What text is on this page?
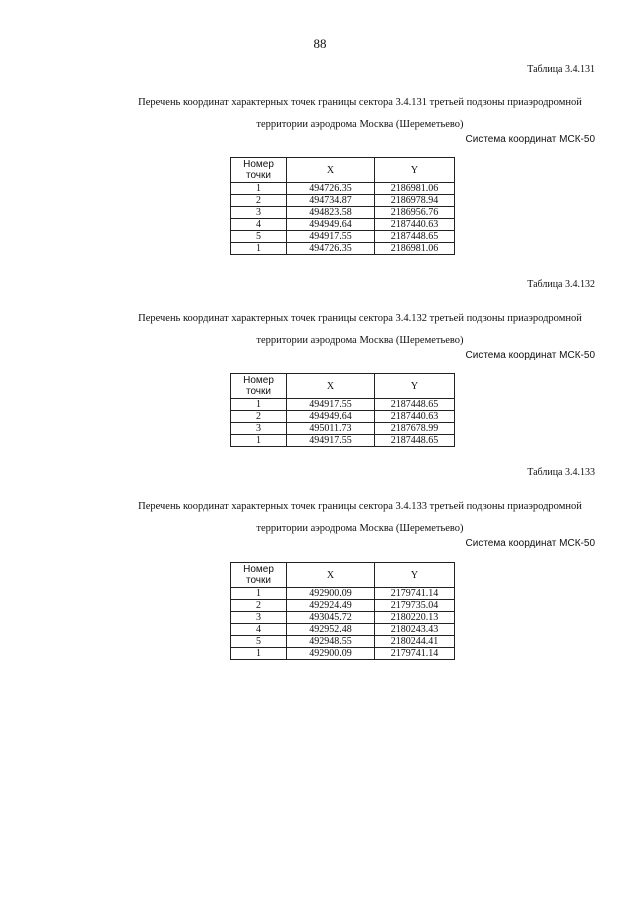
88
Таблица 3.4.131
Перечень координат характерных точек границы сектора 3.4.131 третьей подзоны приаэродромной
территории аэродрома Москва (Шереметьево)
Система координат МСК-50
Номер точки	X	Y
1	494726.35	2186981.06
2	494734.87	2186978.94
3	494823.58	2186956.76
4	494949.64	2187440.63
5	494917.55	2187448.65
1	494726.35	2186981.06
Таблица 3.4.132
Перечень координат характерных точек границы сектора 3.4.132 третьей подзоны приаэродромной
территории аэродрома Москва (Шереметьево)
Система координат МСК-50
Номер точки	X	Y
1	494917.55	2187448.65
2	494949.64	2187440.63
3	495011.73	2187678.99
1	494917.55	2187448.65
Таблица 3.4.133
Перечень координат характерных точек границы сектора 3.4.133 третьей подзоны приаэродромной
территории аэродрома Москва (Шереметьево)
Система координат МСК-50
Номер точки	X	Y
1	492900.09	2179741.14
2	492924.49	2179735.04
3	493045.72	2180220.13
4	492952.48	2180243.43
5	492948.55	2180244.41
1	492900.09	2179741.14
